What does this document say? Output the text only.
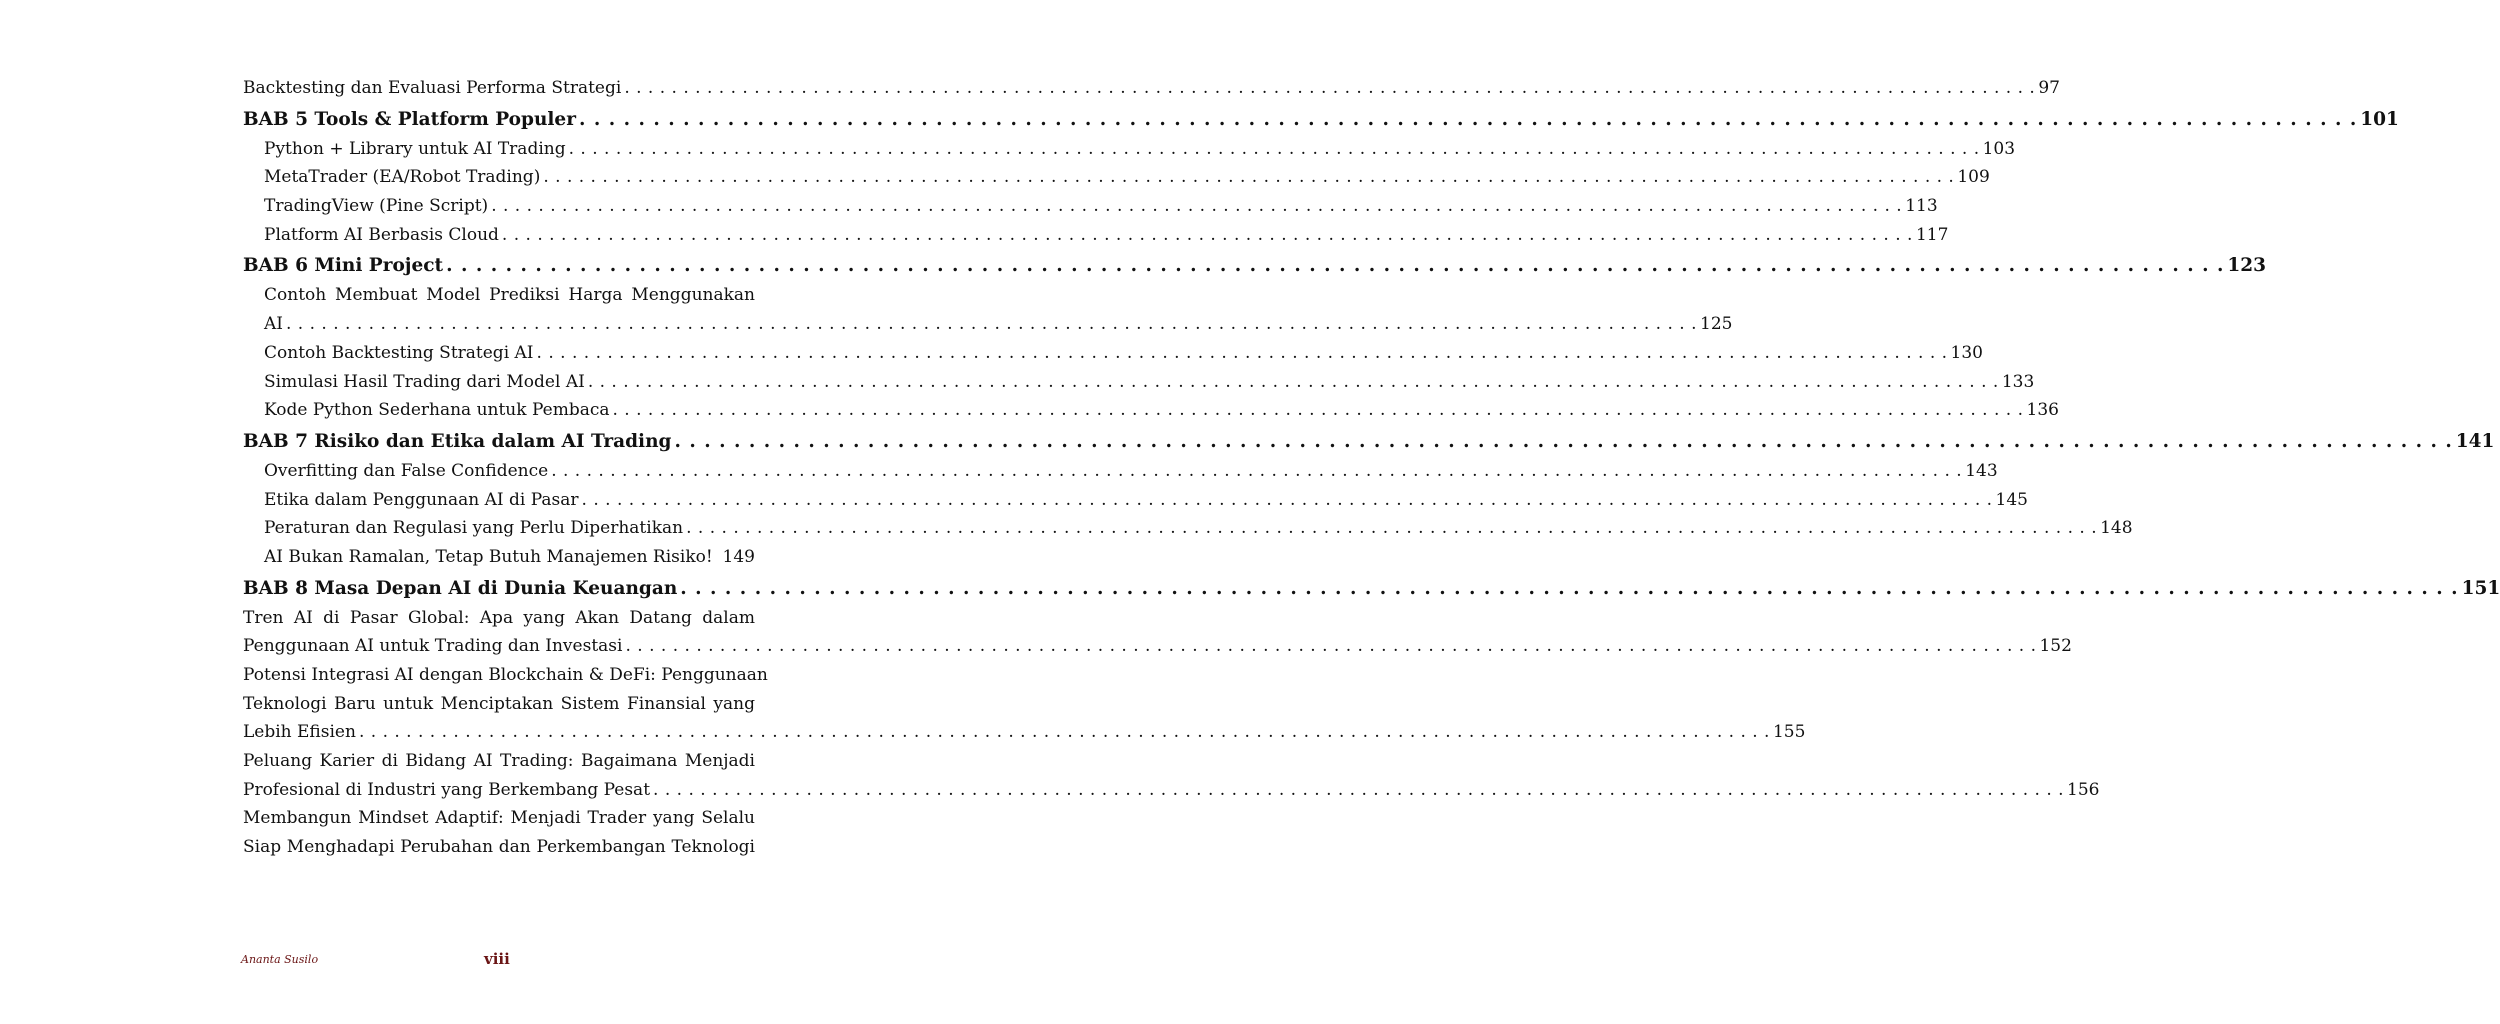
Backtesting dan Evaluasi Performa Strategi . . . . . . . . . . . . . . . . . . . . . . . . . . . . . . . . . . . . . . . . . . . . . . . . . . . . . . . . . . . . . . . . . . . . . . . . . . . . . . . . . . . . . . . . . . . . . . . . . . . . . . . . . . . . . . . . . . . . . . . . 97
BAB 5 Tools & Platform Populer . . . . . . . . . . . . . . . . . . . . . . . . . . . . . . . . . . . . . . . . . . . . . . . . . . . . . . . . . . . . . . . . . . . . . . . . . . . . . . . . . . . . . . . . . . . . . . . . . . . . . . . . . . . . . . . . . . . . . . . . 101
Python + Library untuk AI Trading . . . . . . . . . . . . . . . . . . . . . . . . . . . . . . . . . . . . . . . . . . . . . . . . . . . . . . . . . . . . . . . . . . . . . . . . . . . . . . . . . . . . . . . . . . . . . . . . . . . . . . . . . . . . . . . . . . . . . . . . 103
MetaTrader (EA/Robot Trading) . . . . . . . . . . . . . . . . . . . . . . . . . . . . . . . . . . . . . . . . . . . . . . . . . . . . . . . . . . . . . . . . . . . . . . . . . . . . . . . . . . . . . . . . . . . . . . . . . . . . . . . . . . . . . . . . . . . . . . . . 109
TradingView (Pine Script) . . . . . . . . . . . . . . . . . . . . . . . . . . . . . . . . . . . . . . . . . . . . . . . . . . . . . . . . . . . . . . . . . . . . . . . . . . . . . . . . . . . . . . . . . . . . . . . . . . . . . . . . . . . . . . . . . . . . . . . . 113
Platform AI Berbasis Cloud . . . . . . . . . . . . . . . . . . . . . . . . . . . . . . . . . . . . . . . . . . . . . . . . . . . . . . . . . . . . . . . . . . . . . . . . . . . . . . . . . . . . . . . . . . . . . . . . . . . . . . . . . . . . . . . . . . . . . . . . 117
BAB 6 Mini Project . . . . . . . . . . . . . . . . . . . . . . . . . . . . . . . . . . . . . . . . . . . . . . . . . . . . . . . . . . . . . . . . . . . . . . . . . . . . . . . . . . . . . . . . . . . . . . . . . . . . . . . . . . . . . . . . . . . . . . . . 123
Contoh Membuat Model Prediksi Harga Menggunakan
AI . . . . . . . . . . . . . . . . . . . . . . . . . . . . . . . . . . . . . . . . . . . . . . . . . . . . . . . . . . . . . . . . . . . . . . . . . . . . . . . . . . . . . . . . . . . . . . . . . . . . . . . . . . . . . . . . . . . . . . . . 125
Contoh Backtesting Strategi AI . . . . . . . . . . . . . . . . . . . . . . . . . . . . . . . . . . . . . . . . . . . . . . . . . . . . . . . . . . . . . . . . . . . . . . . . . . . . . . . . . . . . . . . . . . . . . . . . . . . . . . . . . . . . . . . . . . . . . . . . 130
Simulasi Hasil Trading dari Model AI . . . . . . . . . . . . . . . . . . . . . . . . . . . . . . . . . . . . . . . . . . . . . . . . . . . . . . . . . . . . . . . . . . . . . . . . . . . . . . . . . . . . . . . . . . . . . . . . . . . . . . . . . . . . . . . . . . . . . . . . 133
Kode Python Sederhana untuk Pembaca . . . . . . . . . . . . . . . . . . . . . . . . . . . . . . . . . . . . . . . . . . . . . . . . . . . . . . . . . . . . . . . . . . . . . . . . . . . . . . . . . . . . . . . . . . . . . . . . . . . . . . . . . . . . . . . . . . . . . . . . 136
BAB 7 Risiko dan Etika dalam AI Trading . . . . . . . . . . . . . . . . . . . . . . . . . . . . . . . . . . . . . . . . . . . . . . . . . . . . . . . . . . . . . . . . . . . . . . . . . . . . . . . . . . . . . . . . . . . . . . . . . . . . . . . . . . . . . . . . . . . . . . . . 141
Overfitting dan False Confidence . . . . . . . . . . . . . . . . . . . . . . . . . . . . . . . . . . . . . . . . . . . . . . . . . . . . . . . . . . . . . . . . . . . . . . . . . . . . . . . . . . . . . . . . . . . . . . . . . . . . . . . . . . . . . . . . . . . . . . . . 143
Etika dalam Penggunaan AI di Pasar . . . . . . . . . . . . . . . . . . . . . . . . . . . . . . . . . . . . . . . . . . . . . . . . . . . . . . . . . . . . . . . . . . . . . . . . . . . . . . . . . . . . . . . . . . . . . . . . . . . . . . . . . . . . . . . . . . . . . . . . 145
Peraturan dan Regulasi yang Perlu Diperhatikan . . . . . . . . . . . . . . . . . . . . . . . . . . . . . . . . . . . . . . . . . . . . . . . . . . . . . . . . . . . . . . . . . . . . . . . . . . . . . . . . . . . . . . . . . . . . . . . . . . . . . . . . . . . . . . . . . . . . . . . . 148
AI Bukan Ramalan, Tetap Butuh Manajemen Risiko! 149
BAB 8 Masa Depan AI di Dunia Keuangan . . . . . . . . . . . . . . . . . . . . . . . . . . . . . . . . . . . . . . . . . . . . . . . . . . . . . . . . . . . . . . . . . . . . . . . . . . . . . . . . . . . . . . . . . . . . . . . . . . . . . . . . . . . . . . . . . . . . . . . . 151
Tren AI di Pasar Global: Apa yang Akan Datang dalam
Penggunaan AI untuk Trading dan Investasi . . . . . . . . . . . . . . . . . . . . . . . . . . . . . . . . . . . . . . . . . . . . . . . . . . . . . . . . . . . . . . . . . . . . . . . . . . . . . . . . . . . . . . . . . . . . . . . . . . . . . . . . . . . . . . . . . . . . . . . . 152
Potensi Integrasi AI dengan Blockchain & DeFi: Penggunaan
Teknologi Baru untuk Menciptakan Sistem Finansial yang
Lebih Efisien . . . . . . . . . . . . . . . . . . . . . . . . . . . . . . . . . . . . . . . . . . . . . . . . . . . . . . . . . . . . . . . . . . . . . . . . . . . . . . . . . . . . . . . . . . . . . . . . . . . . . . . . . . . . . . . . . . . . . . . . 155
Peluang Karier di Bidang AI Trading: Bagaimana Menjadi
Profesional di Industri yang Berkembang Pesat . . . . . . . . . . . . . . . . . . . . . . . . . . . . . . . . . . . . . . . . . . . . . . . . . . . . . . . . . . . . . . . . . . . . . . . . . . . . . . . . . . . . . . . . . . . . . . . . . . . . . . . . . . . . . . . . . . . . . . . . 156
Membangun Mindset Adaptif: Menjadi Trader yang Selalu
Siap Menghadapi Perubahan dan Perkembangan Teknologi
Ananta Susilo	viii
